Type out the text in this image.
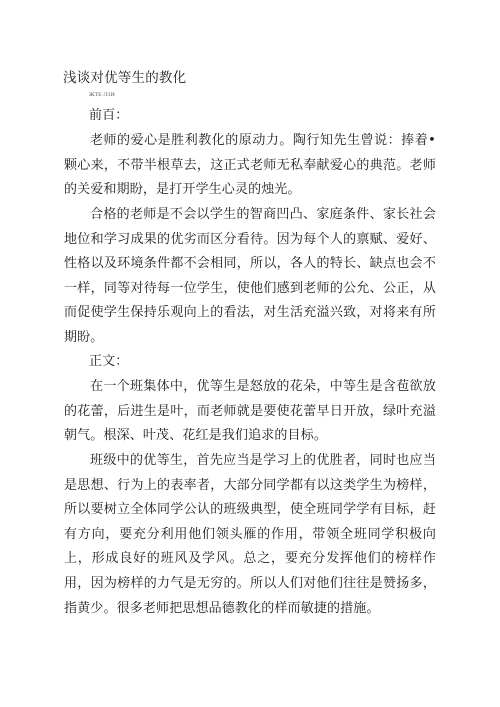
浅谈对优等生的教化
ЖТЕ·ЛЗИ
前百：
老师的爱心是胜利教化的原动力。陶行知先生曾说：捧着•颗心来，不带半根草去，这正式老师无私奉献爱心的典范。老师的关爱和期盼，是打开学生心灵的烛光。
合格的老师是不会以学生的智商凹凸、家庭条件、家长社会地位和学习成果的优劣而区分看待。因为每个人的禀赋、爱好、性格以及环境条件都不会相同，所以，各人的特长、缺点也会不一样，同等对待每一位学生，使他们感到老师的公允、公正，从而促使学生保持乐观向上的看法，对生活充溢兴致，对将来有所期盼。
正文：
在一个班集体中，优等生是怒放的花朵，中等生是含苞欲放的花蕾，后进生是叶，而老师就是要使花蕾早日开放，绿叶充溢朝气。根深、叶茂、花红是我们追求的目标。
班级中的优等生，首先应当是学习上的优胜者，同时也应当是思想、行为上的表率者，大部分同学都有以这类学生为榜样，所以要树立全体同学公认的班级典型，使全班同学学有目标，赶有方向，要充分利用他们领头雁的作用，带领全班同学积极向上，形成良好的班风及学风。总之，要充分发挥他们的榜样作用，因为榜样的力气是无穷的。所以人们对他们往往是赞扬多，指黄少。很多老师把思想品德教化的样而敏捷的措施。
